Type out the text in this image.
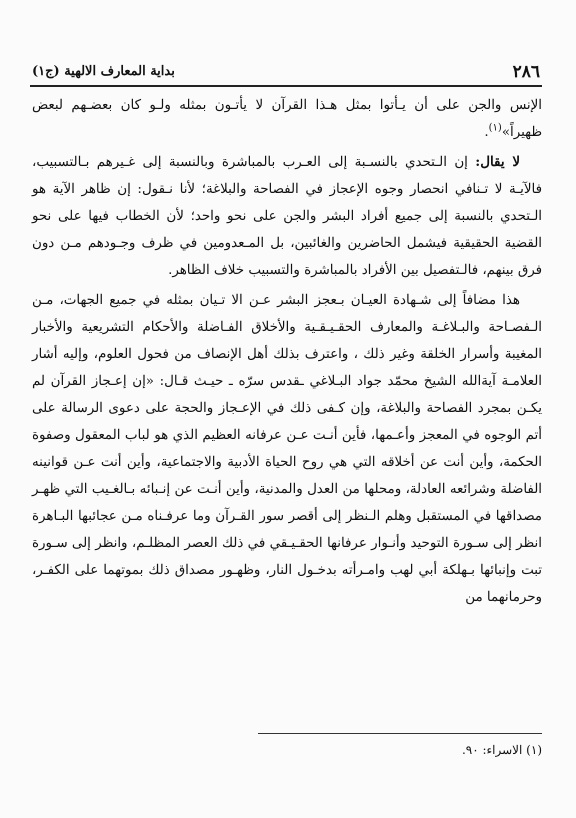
٢٨٦
بداية المعارف الالهية (ج١)

الإنس والجن على أن يـأتوا بمثل هـذا القرآن لا يأتـون بمثله ولـو كان بعضـهم لبعض ظهيراً»$^{(١)}$.

لا يقال: إن الـتحدي بالنسـبة إلى العـرب بالمباشرة وبالنسبة إلى غـيرهم بـالتسبيب، فالآيـة لا تـنافي انحصار وجوه الإعجاز في الفصاحة والبلاغة؛ لأنا نـقول: إن ظاهر الآية هو الـتحدي بالنسبة إلى جميع أفراد البشر والجن على نحو واحد؛ لأن الخطاب فيها على نحو القضية الحقيقية فيشمل الحاضرين والغائبين، بل المـعدومين في ظرف وجـودهم مـن دون فرق بينهم، فالـتفصيل بين الأفراد بالمباشرة والتسبيب خلاف الظاهر.

هذا مضافاً إلى شـهادة العيـان بـعجز البشر عـن الا تـيان بمثله في جميع الجهات، مـن الـفصـاحة والبـلاغـة والمعارف الحقـيـقـية والأخلاق الفـاضلة والأحكام التشريعية والأخبار المغيبة وأسرار الخلقة وغير ذلك ، واعترف بذلك أهل الإنصاف من فحول العلوم، وإليه أشار العلامـة آية‌الله الشيخ محمّد جواد البـلاغي ـقدس سرّه ـ حيـث قـال: «إن إعـجاز القرآن لم يكـن بمجرد الفصاحة والبلاغة، وإن كـفى ذلك في الإعـجاز والحجة على دعوى الرسالة على أتم الوجوه في المعجز وأعـمها، فأين أنـت عـن عرفانه العظيم الذي هو لباب المعقول وصفوة الحكمة، وأين أنت عن أخلاقه التي هي روح الحياة الأدبية والاجتماعية، وأين أنت عـن قوانينه الفاضلة وشرائعه العادلة، ومحلها من العدل والمدنية، وأين أنـت عن إنـبائه بـالغـيب التي ظهـر مصداقها في المستقبل وهلم الـنظر إلى أقصر سور القـرآن وما عرفـناه مـن عجائبها البـاهرة انظر إلى سـورة التوحيد وأنـوار عرفانها الحقـيـقي في ذلك العصر المظلـم، وانظر إلى سـورة تبت وإنبائها بـهلكة أبي لهب وامـرأته بدخـول النار، وظهـور مصداق ذلك بموتهما على الكفـر، وحرمانهما من

(١) الاسراء: ٩٠.
